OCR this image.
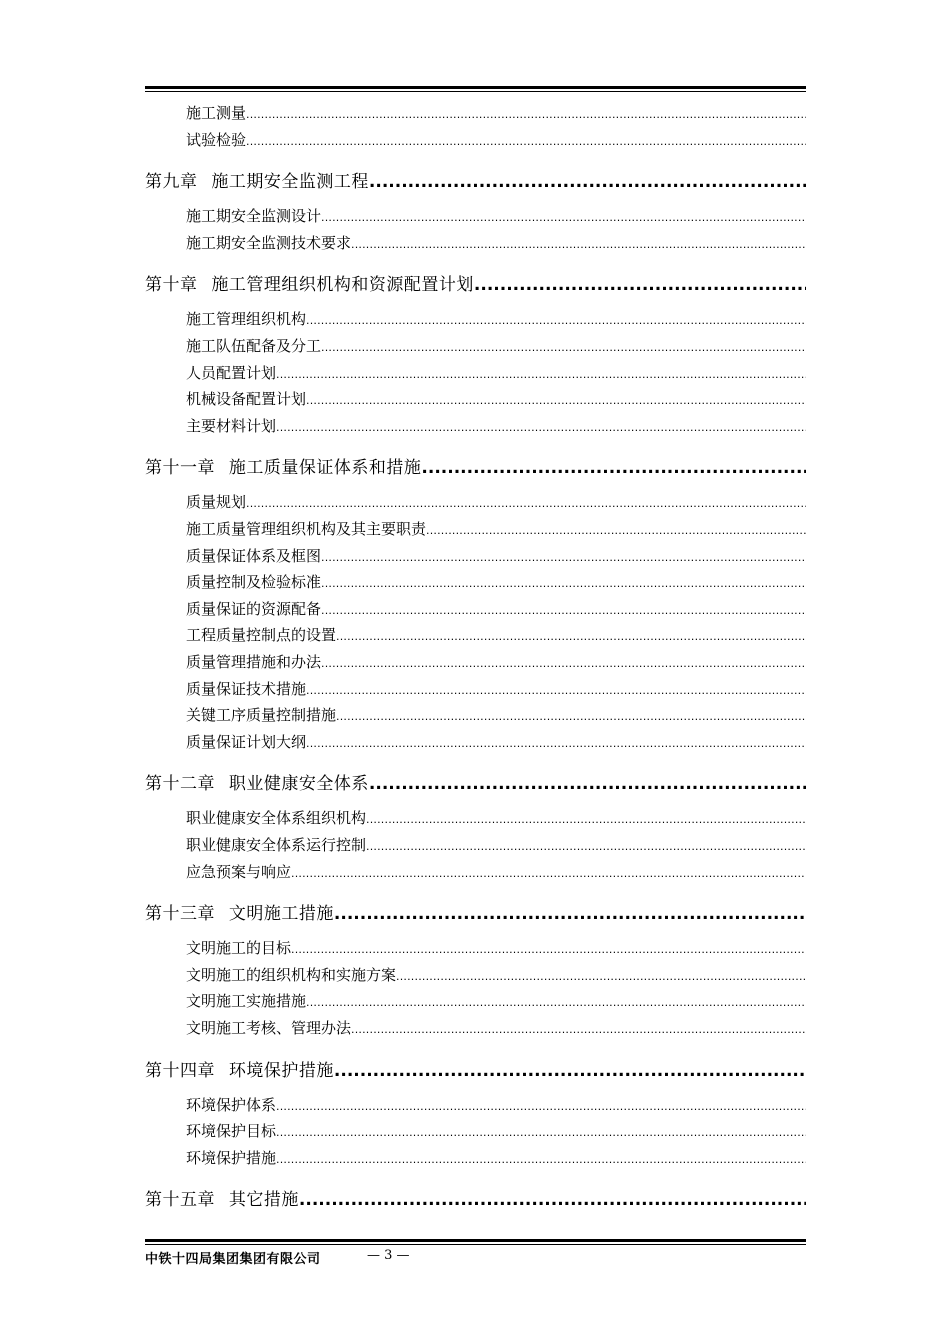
施工测量
.....
试验检验
.....
第九章 施工期安全监测工程
.....
施工期安全监测设计
.....
施工期安全监测技术要求
.....
第十章 施工管理组织机构和资源配置计划
.....
施工管理组织机构
.....
施工队伍配备及分工
.....
人员配置计划
.....
机械设备配置计划
.....
主要材料计划
.....
第十一章 施工质量保证体系和措施
.....
质量规划
.....
施工质量管理组织机构及其主要职责
.....
质量保证体系及框图
.....
质量控制及检验标准
.....
质量保证的资源配备
.....
工程质量控制点的设置
.....
质量管理措施和办法
.....
质量保证技术措施
.....
关键工序质量控制措施
.....
质量保证计划大纲
.....
第十二章 职业健康安全体系
.....
职业健康安全体系组织机构
.....
职业健康安全体系运行控制
.....
应急预案与响应
.....
第十三章 文明施工措施
.....
文明施工的目标
.....
文明施工的组织机构和实施方案
.....
文明施工实施措施
.....
文明施工考核、管理办法
.....
第十四章 环境保护措施
.....
环境保护体系
.....
环境保护目标
.....
环境保护措施
.....
第十五章 其它措施
.....
中铁十四局集团集团有限公司	— 3 —
